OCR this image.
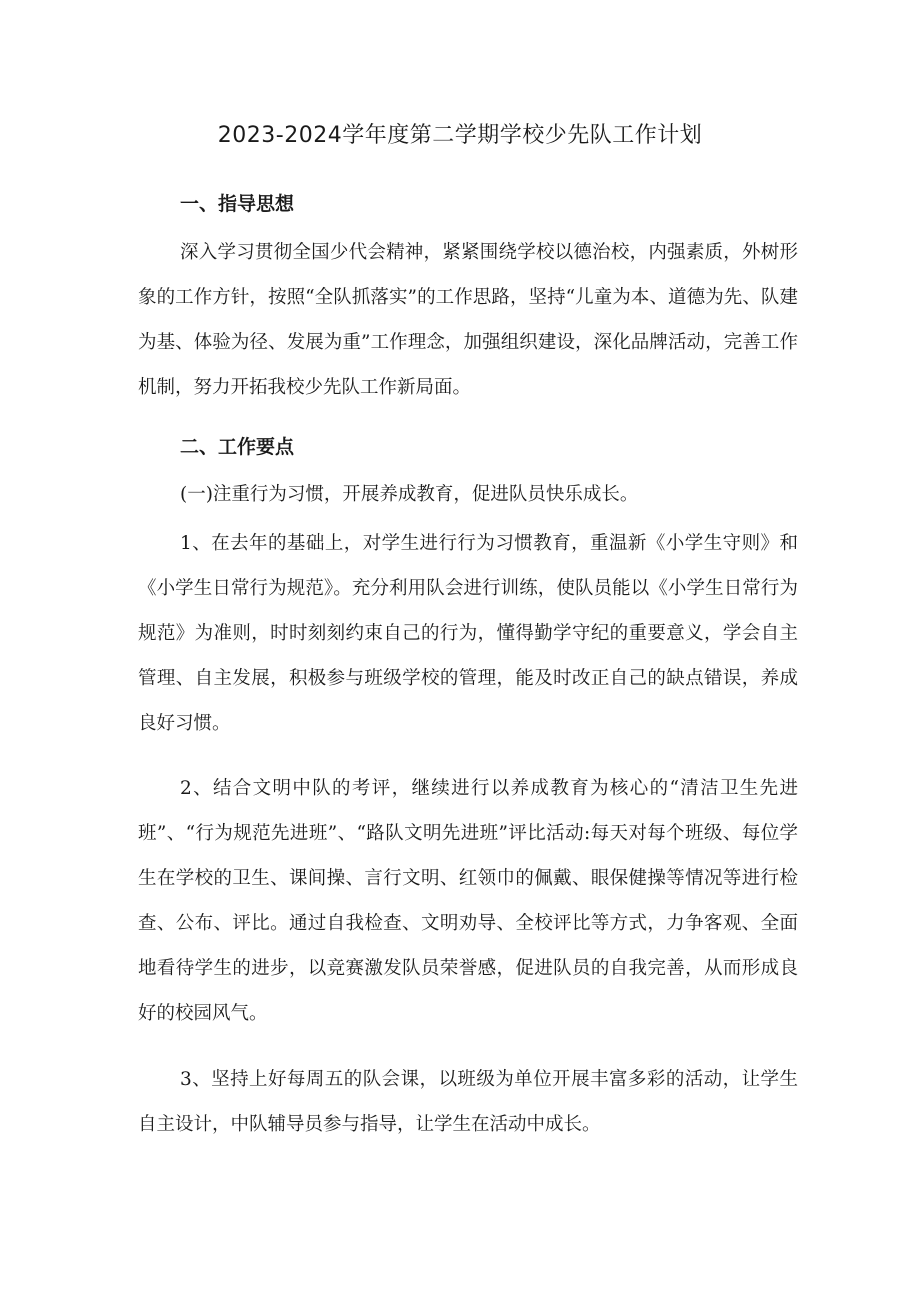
2023-2024学年度第二学期学校少先队工作计划
一、指导思想
深入学习贯彻全国少代会精神，紧紧围绕学校以德治校，内强素质，外树形象的工作方针，按照“全队抓落实”的工作思路，坚持“儿童为本、道德为先、队建为基、体验为径、发展为重”工作理念，加强组织建设，深化品牌活动，完善工作机制，努力开拓我校少先队工作新局面。
二、工作要点
(一)注重行为习惯，开展养成教育，促进队员快乐成长。
1、在去年的基础上，对学生进行行为习惯教育，重温新《小学生守则》和《小学生日常行为规范》。充分利用队会进行训练，使队员能以《小学生日常行为规范》为准则，时时刻刻约束自己的行为，懂得勤学守纪的重要意义，学会自主管理、自主发展，积极参与班级学校的管理，能及时改正自己的缺点错误，养成良好习惯。
2、结合文明中队的考评，继续进行以养成教育为核心的“清洁卫生先进班”、“行为规范先进班”、“路队文明先进班”评比活动:每天对每个班级、每位学生在学校的卫生、课间操、言行文明、红领巾的佩戴、眼保健操等情况等进行检查、公布、评比。通过自我检查、文明劝导、全校评比等方式，力争客观、全面地看待学生的进步，以竞赛激发队员荣誉感，促进队员的自我完善，从而形成良好的校园风气。
3、坚持上好每周五的队会课，以班级为单位开展丰富多彩的活动，让学生自主设计，中队辅导员参与指导，让学生在活动中成长。
